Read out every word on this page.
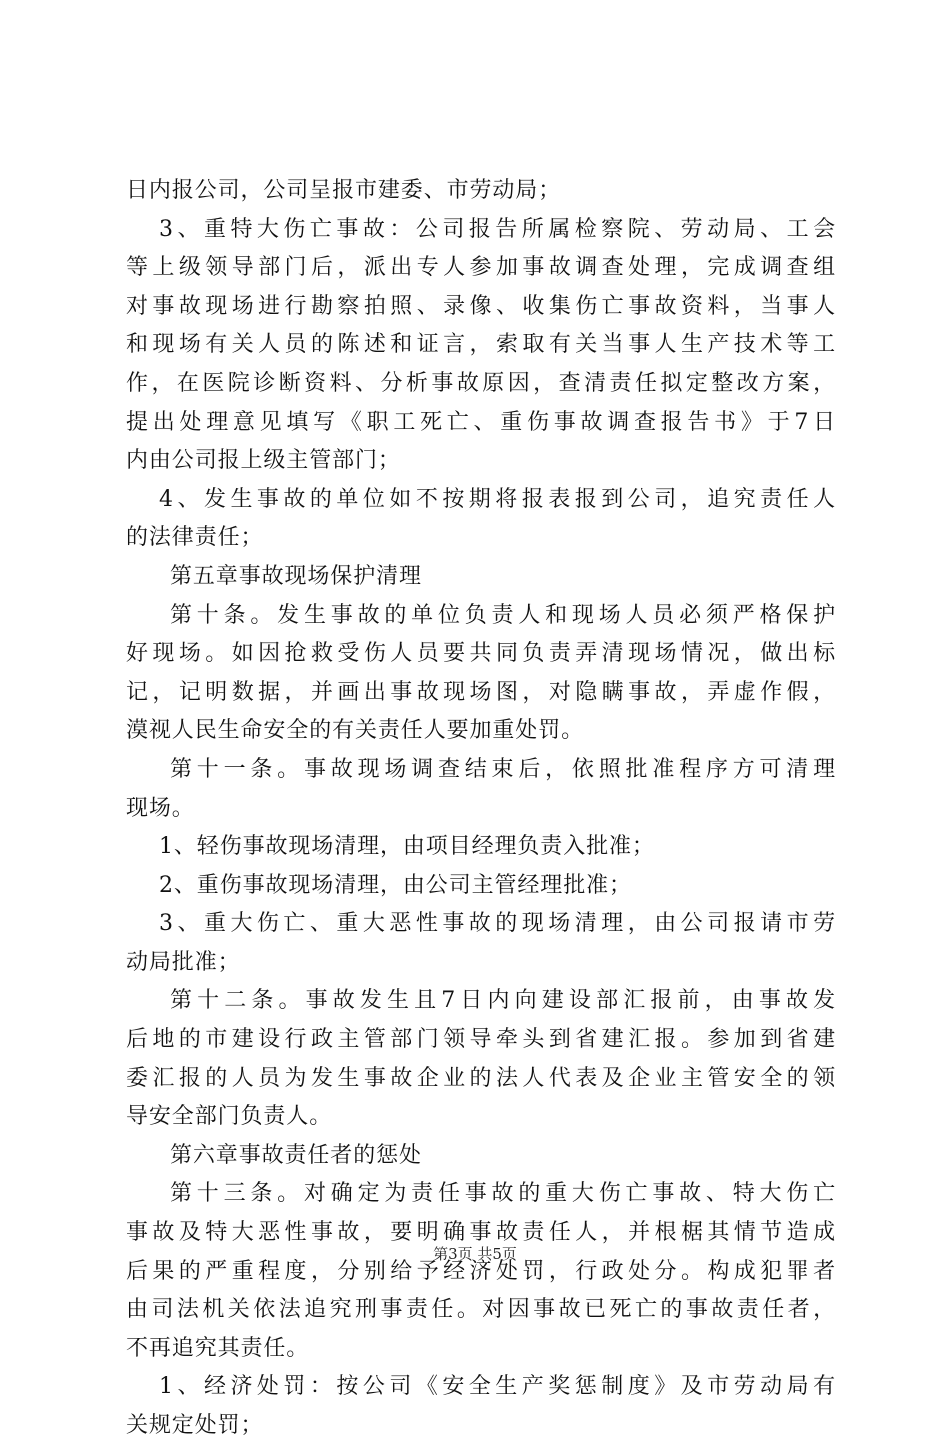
日内报公司，公司呈报市建委、市劳动局；
3、重特大伤亡事故：公司报告所属检察院、劳动局、工会
等上级领导部门后，派出专人参加事故调查处理，完成调查组
对事故现场进行勘察拍照、录像、收集伤亡事故资料，当事人
和现场有关人员的陈述和证言，索取有关当事人生产技术等工
作，在医院诊断资料、分析事故原因，查清责任拟定整改方案，
提出处理意见填写《职工死亡、重伤事故调查报告书》于7日
内由公司报上级主管部门；
4、发生事故的单位如不按期将报表报到公司，追究责任人
的法律责任；
第五章事故现场保护清理
第十条。发生事故的单位负责人和现场人员必须严格保护
好现场。如因抢救受伤人员要共同负责弄清现场情况，做出标
记，记明数据，并画出事故现场图，对隐瞒事故，弄虚作假，
漠视人民生命安全的有关责任人要加重处罚。
第十一条。事故现场调查结束后，依照批准程序方可清理
现场。
1、轻伤事故现场清理，由项目经理负责入批准；
2、重伤事故现场清理，由公司主管经理批准；
3、重大伤亡、重大恶性事故的现场清理，由公司报请市劳
动局批准；
第十二条。事故发生且7日内向建设部汇报前，由事故发
后地的市建设行政主管部门领导牵头到省建汇报。参加到省建
委汇报的人员为发生事故企业的法人代表及企业主管安全的领
导安全部门负责人。
第六章事故责任者的惩处
第十三条。对确定为责任事故的重大伤亡事故、特大伤亡
事故及特大恶性事故，要明确事故责任人，并根椐其情节造成
后果的严重程度，分别给予经济处罚，行政处分。构成犯罪者
由司法机关依法追究刑事责任。对因事故已死亡的事故责任者，
不再追究其责任。
1、经济处罚：按公司《安全生产奖惩制度》及市劳动局有
关规定处罚；
第3页 共5页
